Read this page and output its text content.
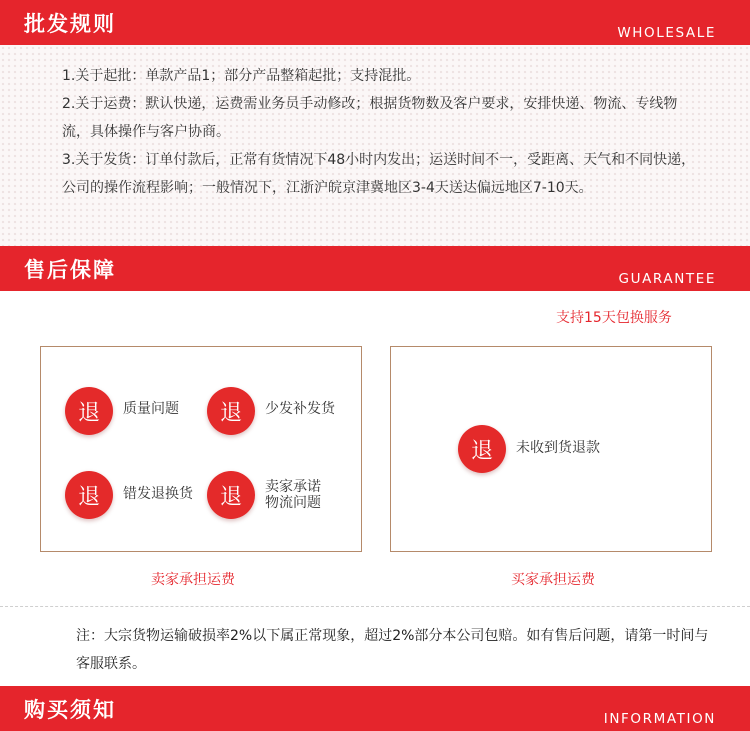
批发规则	WHOLESALE

1.关于起批：单款产品1；部分产品整箱起批；支持混批。

2.关于运费：默认快递，运费需业务员手动修改；根据货物数及客户要求，安排快递、物流、专线物流，具体操作与客户协商。

3.关于发货：订单付款后，正常有货情况下48小时内发出；运送时间不一，受距离、天气和不同快递，公司的操作流程影响；一般情况下，江浙沪皖京津冀地区3-4天送达偏远地区7-10天。

售后保障	GUARANTEE
支持15天包换服务
退	质量问题	退	少发补发货
退	错发退换货	退	卖家承诺
物流问题
退	未收到货退款
卖家承担运费	买家承担运费
注：大宗货物运输破损率2%以下属正常现象，超过2%部分本公司包赔。如有售后问题，请第一时间与客服联系。
购买须知	INFORMATION
